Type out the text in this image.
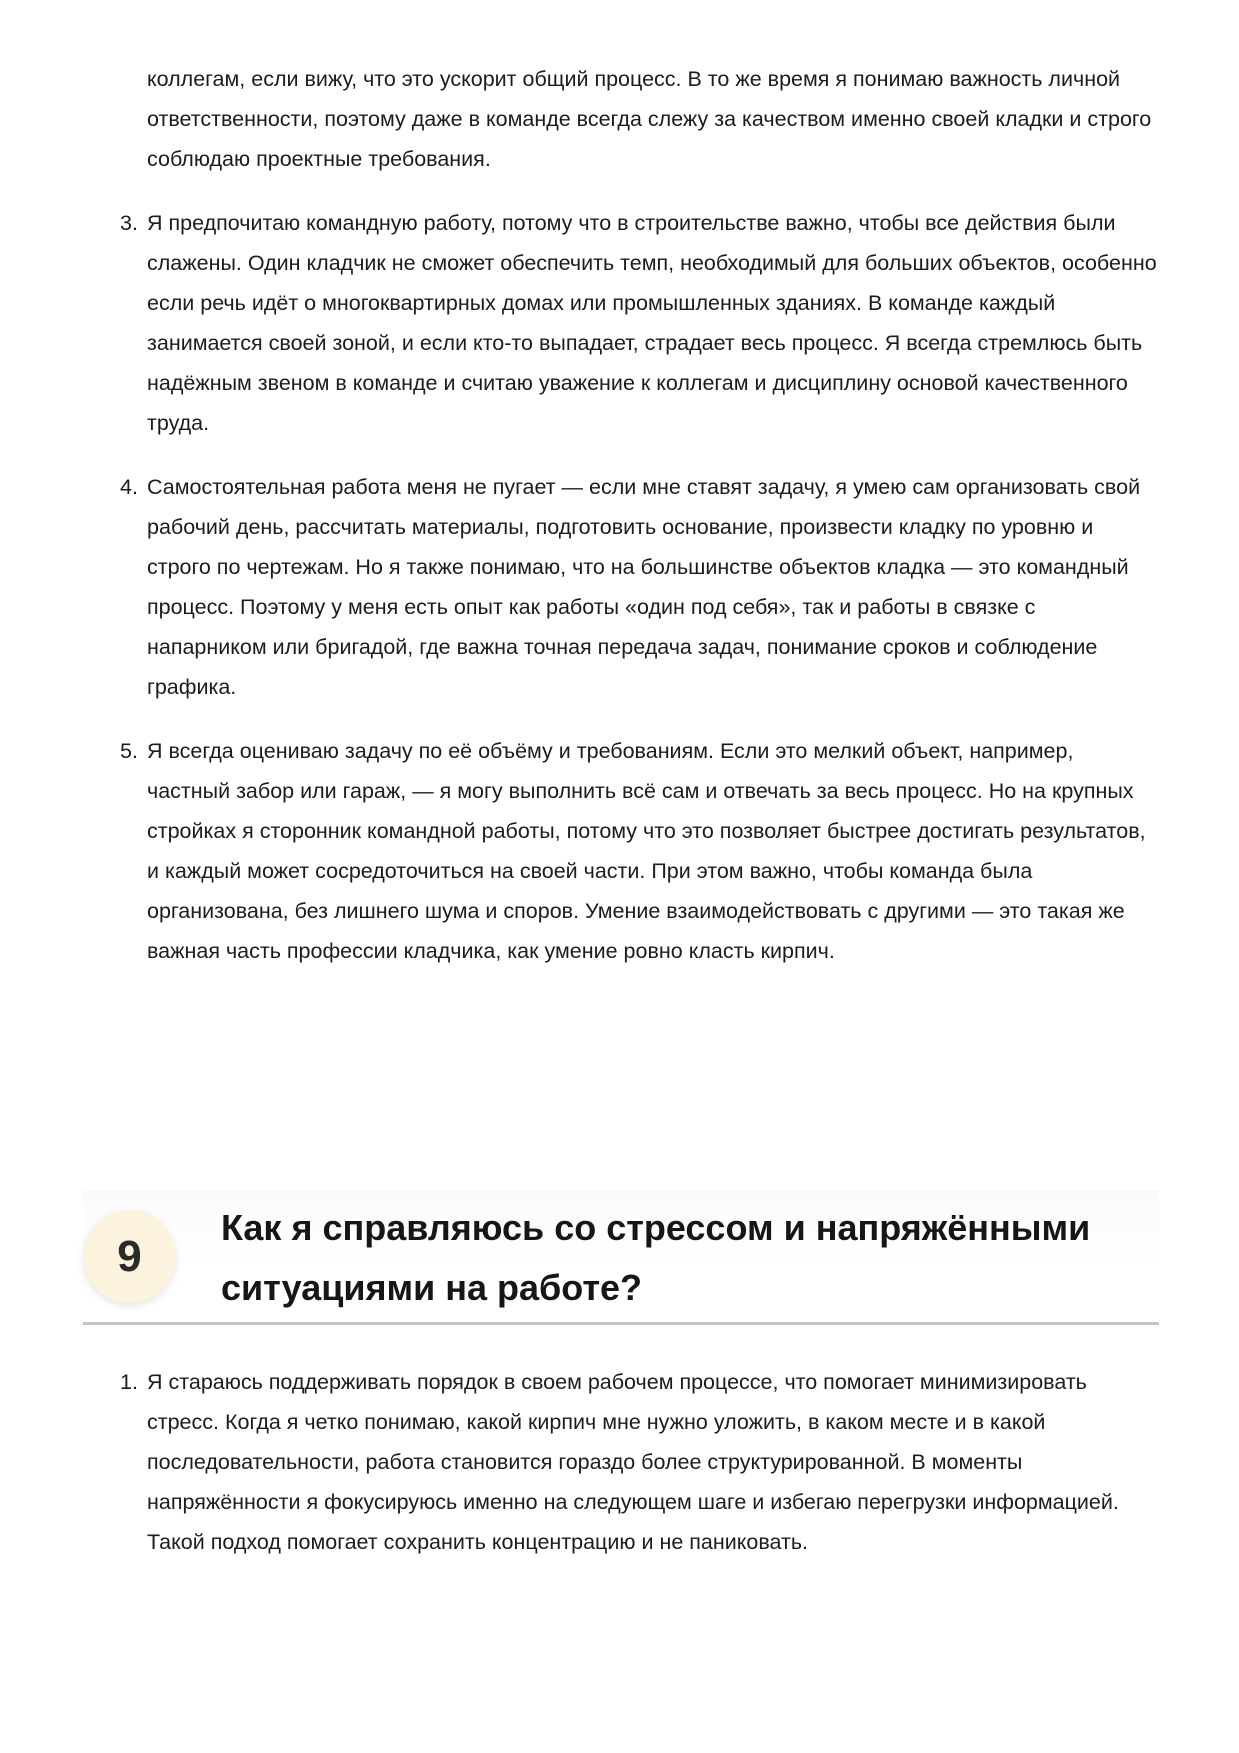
коллегам, если вижу, что это ускорит общий процесс. В то же время я понимаю важность личной ответственности, поэтому даже в команде всегда слежу за качеством именно своей кладки и строго соблюдаю проектные требования.

3. Я предпочитаю командную работу, потому что в строительстве важно, чтобы все действия были слажены. Один кладчик не сможет обеспечить темп, необходимый для больших объектов, особенно если речь идёт о многоквартирных домах или промышленных зданиях. В команде каждый занимается своей зоной, и если кто-то выпадает, страдает весь процесс. Я всегда стремлюсь быть надёжным звеном в команде и считаю уважение к коллегам и дисциплину основой качественного труда.
4. Самостоятельная работа меня не пугает — если мне ставят задачу, я умею сам организовать свой рабочий день, рассчитать материалы, подготовить основание, произвести кладку по уровню и строго по чертежам. Но я также понимаю, что на большинстве объектов кладка — это командный процесс. Поэтому у меня есть опыт как работы «один под себя», так и работы в связке с напарником или бригадой, где важна точная передача задач, понимание сроков и соблюдение графика.
5. Я всегда оцениваю задачу по её объёму и требованиям. Если это мелкий объект, например, частный забор или гараж, — я могу выполнить всё сам и отвечать за весь процесс. Но на крупных стройках я сторонник командной работы, потому что это позволяет быстрее достигать результатов, и каждый может сосредоточиться на своей части. При этом важно, чтобы команда была организована, без лишнего шума и споров. Умение взаимодействовать с другими — это такая же важная часть профессии кладчика, как умение ровно класть кирпич.
9
Как я справляюсь со стрессом и напряжёнными ситуациями на работе?
1. Я стараюсь поддерживать порядок в своем рабочем процессе, что помогает минимизировать стресс. Когда я четко понимаю, какой кирпич мне нужно уложить, в каком месте и в какой последовательности, работа становится гораздо более структурированной. В моменты напряжённости я фокусируюсь именно на следующем шаге и избегаю перегрузки информацией. Такой подход помогает сохранить концентрацию и не паниковать.
